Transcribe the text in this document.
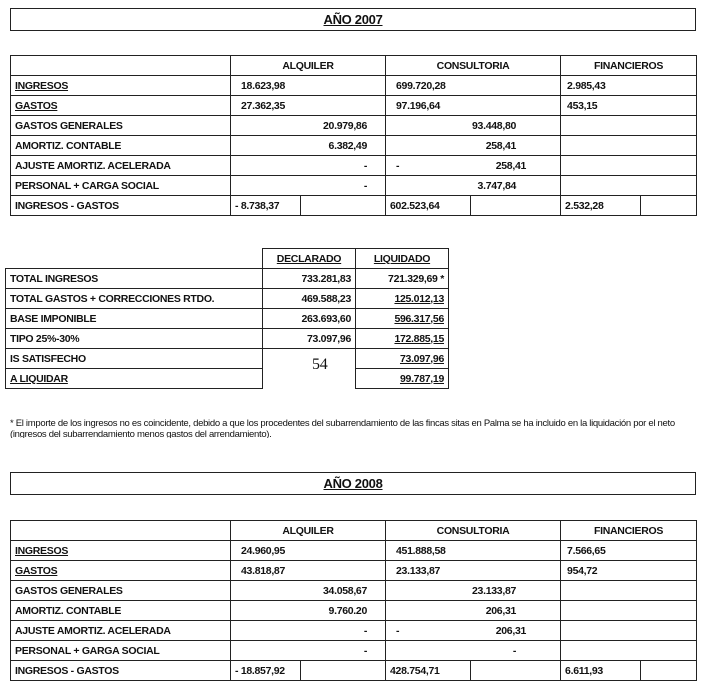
AÑO 2007
	ALQUILER		CONSULTORIA		FINANCIEROS	
INGRESOS	18.623,98		699.720,28		2.985,43	
GASTOS	27.362,35		97.196,64		453,15	
GASTOS GENERALES	20.979,86		93.448,80			

AMORTIZ. CONTABLE	6.382,49		258,41			

AJUSTE AMORTIZ. ACELERADA	-		- 258,41			

PERSONAL + CARGA SOCIAL	-		3.747,84			

INGRESOS - GASTOS	- 8.738,37		602.523,64		2.532,28	
	DECLARADO	LIQUIDADO
TOTAL INGRESOS	733.281,83	721.329,69 *
TOTAL GASTOS + CORRECCIONES RTDO.	469.588,23	125.012,13
BASE IMPONIBLE	263.693,60	596.317,56
TIPO 25%-30%	73.097,96	172.885,15
IS SATISFECHO		73.097,96
A LIQUIDAR		99.787,19
54
* El importe de los ingresos no es coincidente, debido a que los procedentes del subarrendamiento de las fincas sitas en Palma se ha incluido en la liquidación por el neto (ingresos del subarrendamiento menos gastos del arrendamiento).
AÑO 2008
	ALQUILER		CONSULTORIA		FINANCIEROS	
INGRESOS	24.960,95		451.888,58		7.566,65	
GASTOS	43.818,87		23.133,87		954,72	
GASTOS GENERALES	34.058,67		23.133,87			

AMORTIZ. CONTABLE	9.760.20		206,31			

AJUSTE AMORTIZ. ACELERADA	-		- 206,31			

PERSONAL + GARGA SOCIAL	-		-			

INGRESOS - GASTOS	- 18.857,92		428.754,71		6.611,93	
